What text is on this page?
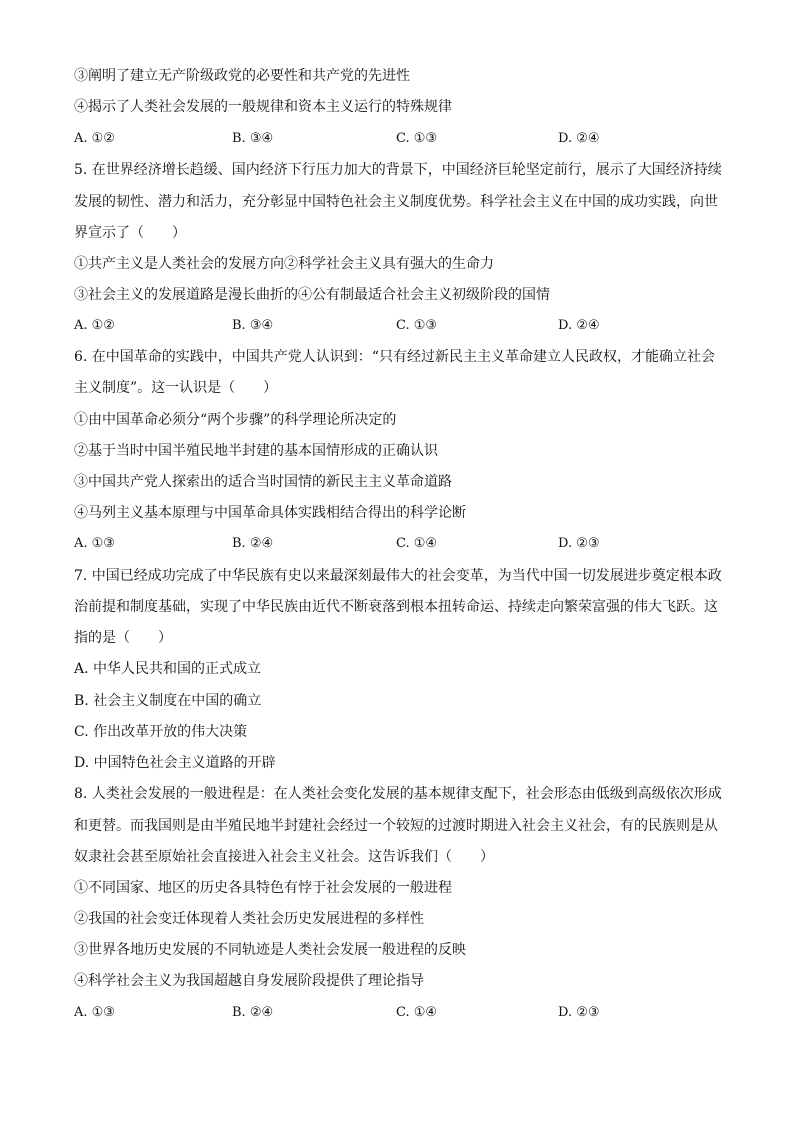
③阐明了建立无产阶级政党的必要性和共产党的先进性
④揭示了人类社会发展的一般规律和资本主义运行的特殊规律
A. ①②	B. ③④	C. ①③	D. ②④
5. 在世界经济增长趋缓、国内经济下行压力加大的背景下，中国经济巨轮坚定前行，展示了大国经济持续
发展的韧性、潜力和活力，充分彰显中国特色社会主义制度优势。科学社会主义在中国的成功实践，向世
界宣示了（　　）
①共产主义是人类社会的发展方向②科学社会主义具有强大的生命力
③社会主义的发展道路是漫长曲折的④公有制最适合社会主义初级阶段的国情
A. ①②	B. ③④	C. ①③	D. ②④
6. 在中国革命的实践中，中国共产党人认识到：“只有经过新民主主义革命建立人民政权，才能确立社会
主义制度”。这一认识是（　　）
①由中国革命必须分“两个步骤”的科学理论所决定的
②基于当时中国半殖民地半封建的基本国情形成的正确认识
③中国共产党人探索出的适合当时国情的新民主主义革命道路
④马列主义基本原理与中国革命具体实践相结合得出的科学论断
A. ①③	B. ②④	C. ①④	D. ②③
7. 中国已经成功完成了中华民族有史以来最深刻最伟大的社会变革，为当代中国一切发展进步奠定根本政
治前提和制度基础，实现了中华民族由近代不断衰落到根本扭转命运、持续走向繁荣富强的伟大飞跃。这
指的是（　　）
A. 中华人民共和国的正式成立
B. 社会主义制度在中国的确立
C. 作出改革开放的伟大决策
D. 中国特色社会主义道路的开辟
8. 人类社会发展的一般进程是：在人类社会变化发展的基本规律支配下，社会形态由低级到高级依次形成
和更替。而我国则是由半殖民地半封建社会经过一个较短的过渡时期进入社会主义社会，有的民族则是从
奴隶社会甚至原始社会直接进入社会主义社会。这告诉我们（　　）
①不同国家、地区的历史各具特色有悖于社会发展的一般进程
②我国的社会变迁体现着人类社会历史发展进程的多样性
③世界各地历史发展的不同轨迹是人类社会发展一般进程的反映
④科学社会主义为我国超越自身发展阶段提供了理论指导
A. ①③	B. ②④	C. ①④	D. ②③
